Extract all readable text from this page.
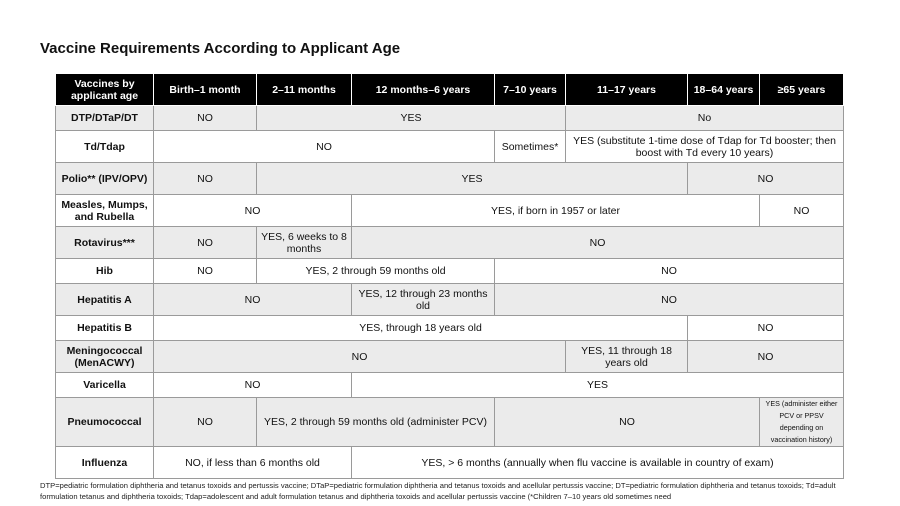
Vaccine Requirements According to Applicant Age
Vaccines by applicant age	Birth–1 month	2–11 months	12 months–6 years	7–10 years	11–17 years	18–64 years	≥65 years
DTP/DTaP/DT	NO	YES			No		
Td/Tdap	NO			Sometimes*	YES (substitute 1-time dose of Tdap for Td booster; then boost with Td every 10 years)		
Polio** (IPV/OPV)	NO	YES				NO	
Measles, Mumps, and Rubella	NO		YES, if born in 1957 or later				NO
Rotavirus***	NO	YES, 6 weeks to 8 months	NO				
Hib	NO	YES, 2 through 59 months old		NO			
Hepatitis A	NO		YES, 12 through 23 months old	NO			
Hepatitis B	YES, through 18 years old					NO	
Meningococcal (MenACWY)	NO				YES, 11 through 18 years old	NO	
Varicella	NO		YES				
Pneumococcal	NO	YES, 2 through 59 months old (administer PCV)		NO			YES (administer either PCV or PPSV depending on vaccination history)
Influenza	NO, if less than 6 months old		YES, > 6 months (annually when flu vaccine is available in country of exam)				
DTP=pediatric formulation diphtheria and tetanus toxoids and pertussis vaccine; DTaP=pediatric formulation diphtheria and tetanus toxoids and acellular pertussis vaccine; DT=pediatric formulation diphtheria and tetanus toxoids; Td=adult formulation tetanus and diphtheria toxoids; Tdap=adolescent and adult formulation tetanus and diphtheria toxoids and acellular pertussis vaccine (*Children 7–10 years old sometimes need
